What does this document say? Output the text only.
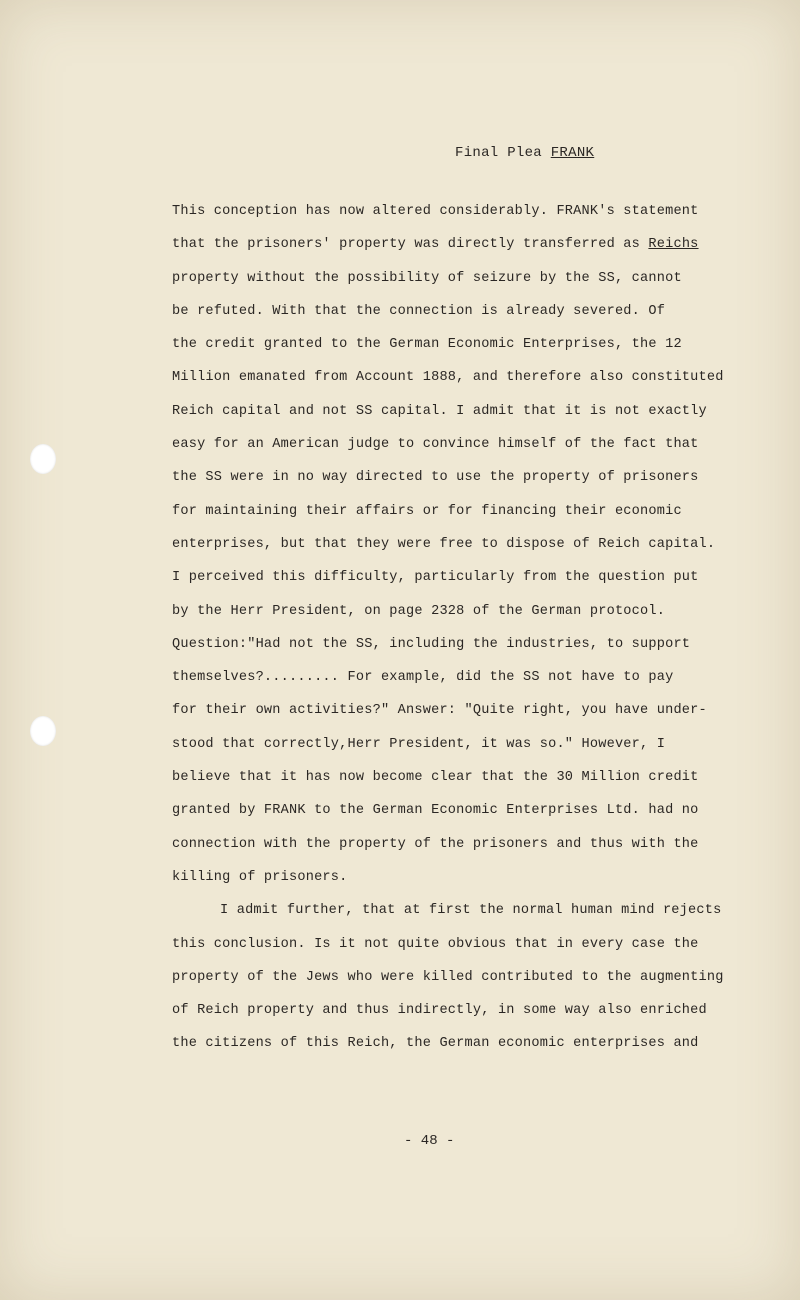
Final Plea FRANK
This conception has now altered considerably. FRANK's statement
that the prisoners' property was directly transferred as Reichs
property without the possibility of seizure by the SS, cannot
be refuted. With that the connection is already severed. Of
the credit granted to the German Economic Enterprises, the 12
Million emanated from Account 1888, and therefore also constituted
Reich capital and not SS capital. I admit that it is not exactly
easy for an American judge to convince himself of the fact that
the SS were in no way directed to use the property of prisoners
for maintaining their affairs or for financing their economic
enterprises, but that they were free to dispose of Reich capital.
I perceived this difficulty, particularly from the question put
by the Herr President, on page 2328 of the German protocol.
Question:"Had not the SS, including the industries, to support
themselves?......... For example, did the SS not have to pay
for their own activities?" Answer: "Quite right, you have under-
stood that correctly,Herr President, it was so." However, I
believe that it has now become clear that the 30 Million credit
granted by FRANK to the German Economic Enterprises Ltd. had no
connection with the property of the prisoners and thus with the
killing of prisoners.
I admit further, that at first the normal human mind rejects
this conclusion. Is it not quite obvious that in every case the
property of the Jews who were killed contributed to the augmenting
of Reich property and thus indirectly, in some way also enriched
the citizens of this Reich, the German economic enterprises and
- 48 -
